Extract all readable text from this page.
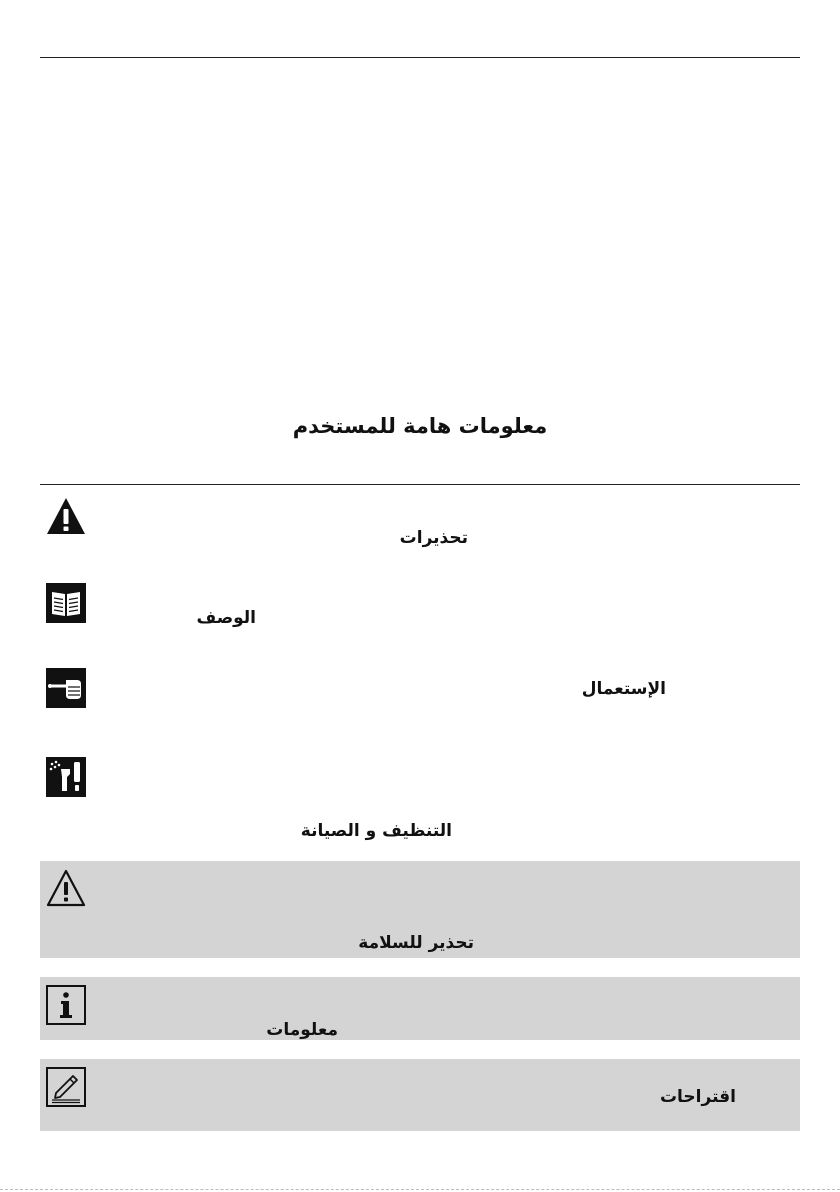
معلومات هامة للمستخدم
تحذيرات
الوصف
الإستعمال
التنظيف و الصيانة
تحذير للسلامة
معلومات
اقتراحات
